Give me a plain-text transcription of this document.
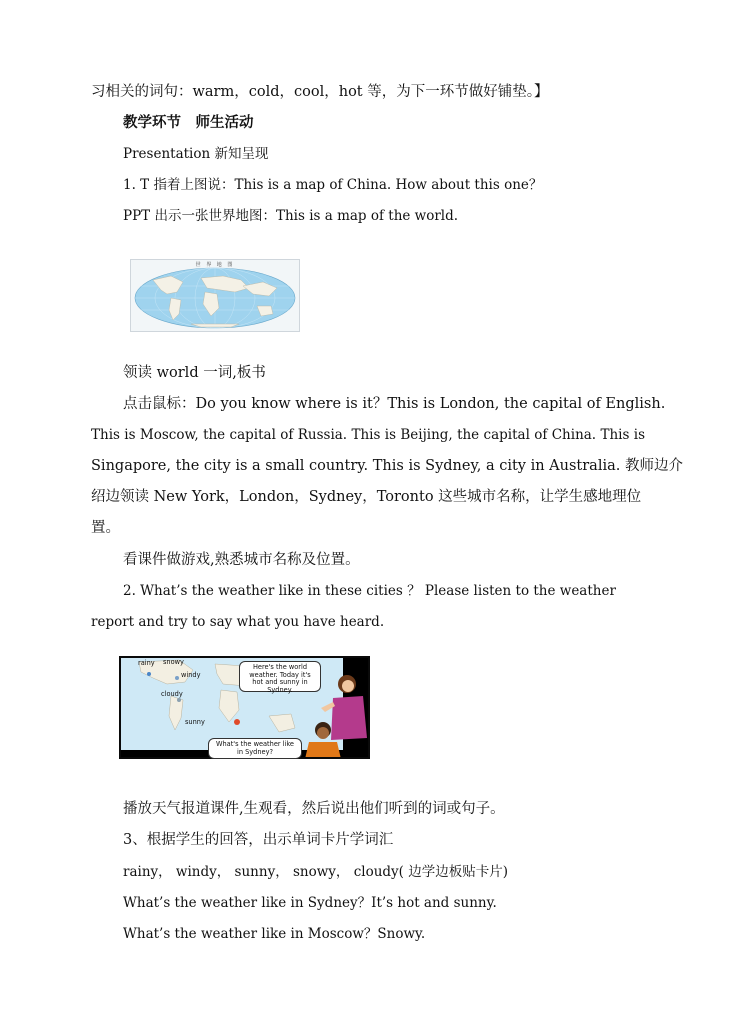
习相关的词句：warm，cold，cool，hot 等，为下一环节做好铺垫。】
教学环节　师生活动
Presentation 新知呈现
1. T 指着上图说：This is a map of China. How about this one？
PPT 出示一张世界地图：This is a map of the world.
世 界 地 图
领读 world 一词,板书
点击鼠标：Do you know where is it？This is London, the capital of English.
This is Moscow, the capital of Russia. This is Beijing, the capital of China. This is
Singapore, the city is a small country. This is Sydney, a city in Australia. 教师边介
绍边领读 New York，London，Sydney，Toronto 这些城市名称，让学生感地理位
置。
看课件做游戏,熟悉城市名称及位置。
2. What’s the weather like in these cities ？ Please listen to the weather
report and try to say what you have heard.
rainy snowy
windy
cloudy
sunny
Here's the world weather. Today it's hot and sunny in Sydney.
What's the weather like in Sydney?
播放天气报道课件,生观看，然后说出他们听到的词或句子。
3、根据学生的回答，出示单词卡片学词汇
rainy， windy， sunny， snowy， cloudy( 边学边板贴卡片)
What’s the weather like in Sydney？It’s hot and sunny.
What’s the weather like in Moscow？Snowy.
